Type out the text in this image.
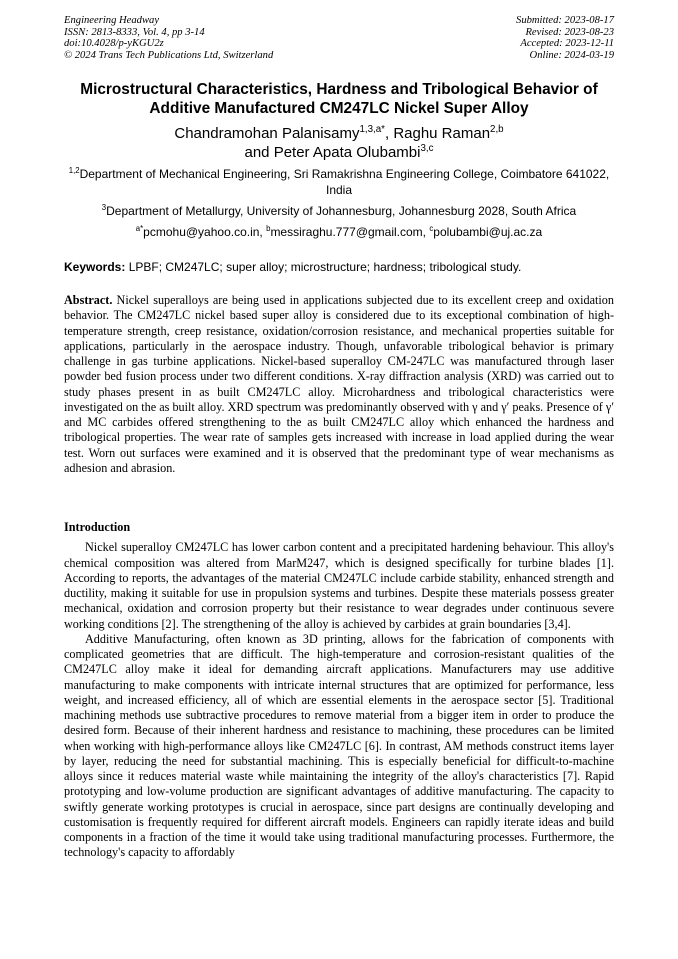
Engineering Headway
ISSN: 2813-8333, Vol. 4, pp 3-14
doi:10.4028/p-yKGU2z
© 2024 Trans Tech Publications Ltd, Switzerland
Submitted: 2023-08-17
Revised: 2023-08-23
Accepted: 2023-12-11
Online: 2024-03-19
Microstructural Characteristics, Hardness and Tribological Behavior of
Additive Manufactured CM247LC Nickel Super Alloy
Chandramohan Palanisamy$^{1,3,a*}$, Raghu Raman$^{2,b}$
and Peter Apata Olubambi$^{3,c}$
$^{1,2}$Department of Mechanical Engineering, Sri Ramakrishna Engineering College, Coimbatore 641022, India
$^3$Department of Metallurgy, University of Johannesburg, Johannesburg 2028, South Africa
$^{a*}$pcmohu@yahoo.co.in, $^b$messiraghu.777@gmail.com, $^c$polubambi@uj.ac.za
Keywords: LPBF; CM247LC; super alloy; microstructure; hardness; tribological study.

Abstract. Nickel superalloys are being used in applications subjected due to its excellent creep and oxidation behavior. The CM247LC nickel based super alloy is considered due to its exceptional combination of high-temperature strength, creep resistance, oxidation/corrosion resistance, and mechanical properties suitable for applications, particularly in the aerospace industry. Though, unfavorable tribological behavior is primary challenge in gas turbine applications. Nickel-based superalloy CM-247LC was manufactured through laser powder bed fusion process under two different conditions. X-ray diffraction analysis (XRD) was carried out to study phases present in as built CM247LC alloy. Microhardness and tribological characteristics were investigated on the as built alloy. XRD spectrum was predominantly observed with γ and γ′ peaks. Presence of γ′ and MC carbides offered strengthening to the as built CM247LC alloy which enhanced the hardness and tribological properties. The wear rate of samples gets increased with increase in load applied during the wear test. Worn out surfaces were examined and it is observed that the predominant type of wear mechanisms as adhesion and abrasion.

Introduction

Nickel superalloy CM247LC has lower carbon content and a precipitated hardening behaviour. This alloy's chemical composition was altered from MarM247, which is designed specifically for turbine blades [1]. According to reports, the advantages of the material CM247LC include carbide stability, enhanced strength and ductility, making it suitable for use in propulsion systems and turbines. Despite these materials possess greater mechanical, oxidation and corrosion property but their resistance to wear degrades under continuous severe working conditions [2]. The strengthening of the alloy is achieved by carbides at grain boundaries [3,4].

Additive Manufacturing, often known as 3D printing, allows for the fabrication of components with complicated geometries that are difficult. The high-temperature and corrosion-resistant qualities of the CM247LC alloy make it ideal for demanding aircraft applications. Manufacturers may use additive manufacturing to make components with intricate internal structures that are optimized for performance, less weight, and increased efficiency, all of which are essential elements in the aerospace sector [5]. Traditional machining methods use subtractive procedures to remove material from a bigger item in order to produce the desired form. Because of their inherent hardness and resistance to machining, these procedures can be limited when working with high-performance alloys like CM247LC [6]. In contrast, AM methods construct items layer by layer, reducing the need for substantial machining. This is especially beneficial for difficult-to-machine alloys since it reduces material waste while maintaining the integrity of the alloy's characteristics [7]. Rapid prototyping and low-volume production are significant advantages of additive manufacturing. The capacity to swiftly generate working prototypes is crucial in aerospace, since part designs are continually developing and customisation is frequently required for different aircraft models. Engineers can rapidly iterate ideas and build components in a fraction of the time it would take using traditional manufacturing processes. Furthermore, the technology's capacity to affordably
